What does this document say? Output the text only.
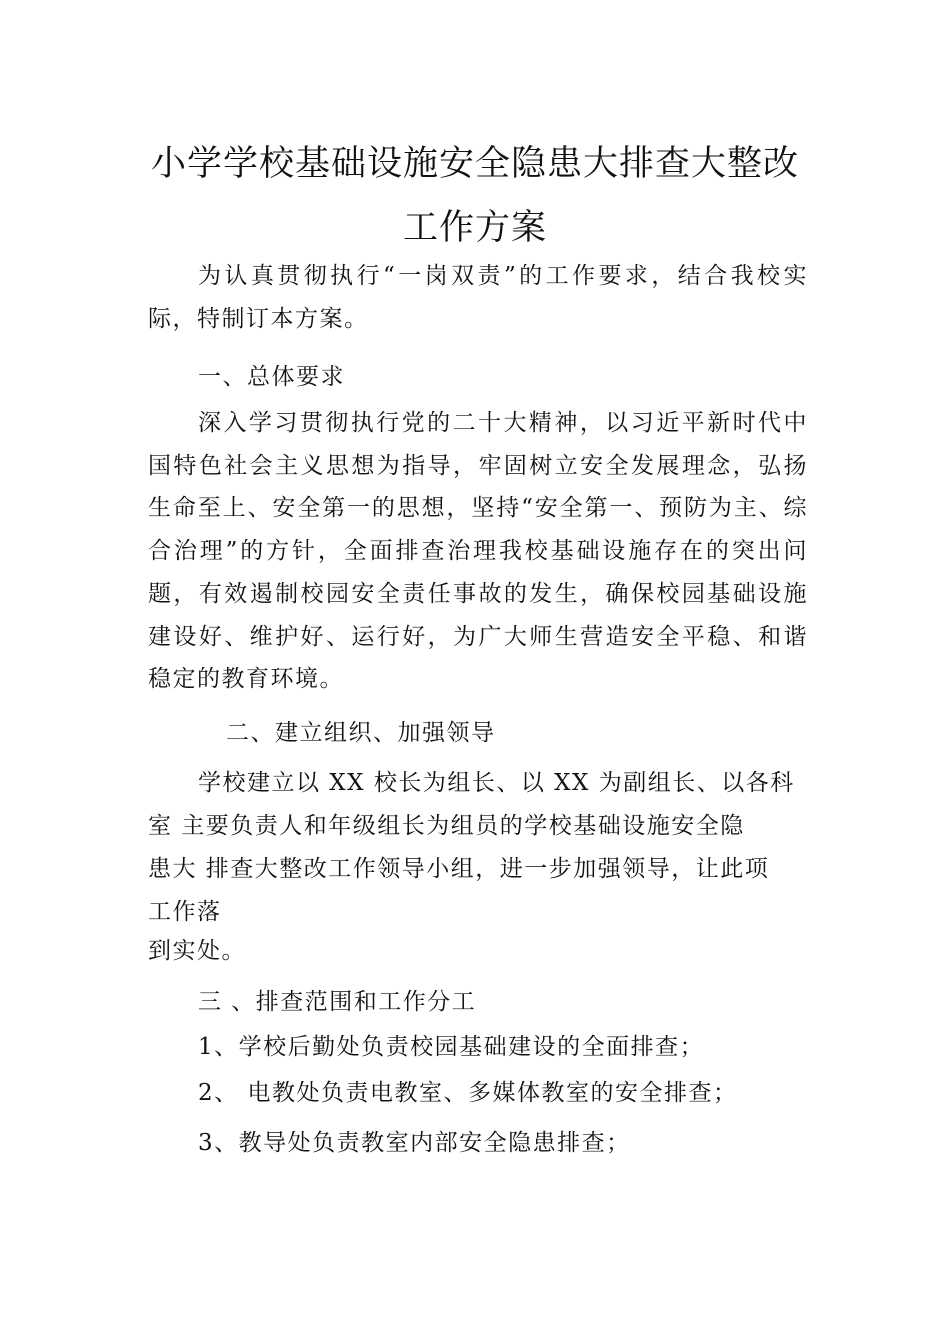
小学学校基础设施安全隐患大排查大整改
工作方案

为认真贯彻执行“一岗双责”的工作要求，结合我校实际，特制订本方案。

一、总体要求

深入学习贯彻执行党的二十大精神，以习近平新时代中国特色社会主义思想为指导，牢固树立安全发展理念，弘扬生命至上、安全第一的思想，坚持“安全第一、预防为主、综合治理”的方针，全面排查治理我校基础设施存在的突出问题，有效遏制校园安全责任事故的发生，确保校园基础设施建设好、维护好、运行好，为广大师生营造安全平稳、和谐稳定的教育环境。

二、建立组织、加强领导
学校建立以 XX 校长为组长、以 XX 为副组长、以各科
室 主要负责人和年级组长为组员的学校基础设施安全隐
患大 排查大整改工作领导小组，进一步加强领导，让此项
工作落
到实处。
三 、排查范围和工作分工
1、学校后勤处负责校园基础建设的全面排查；
2、 电教处负责电教室、多媒体教室的安全排查；
3、教导处负责教室内部安全隐患排查；
